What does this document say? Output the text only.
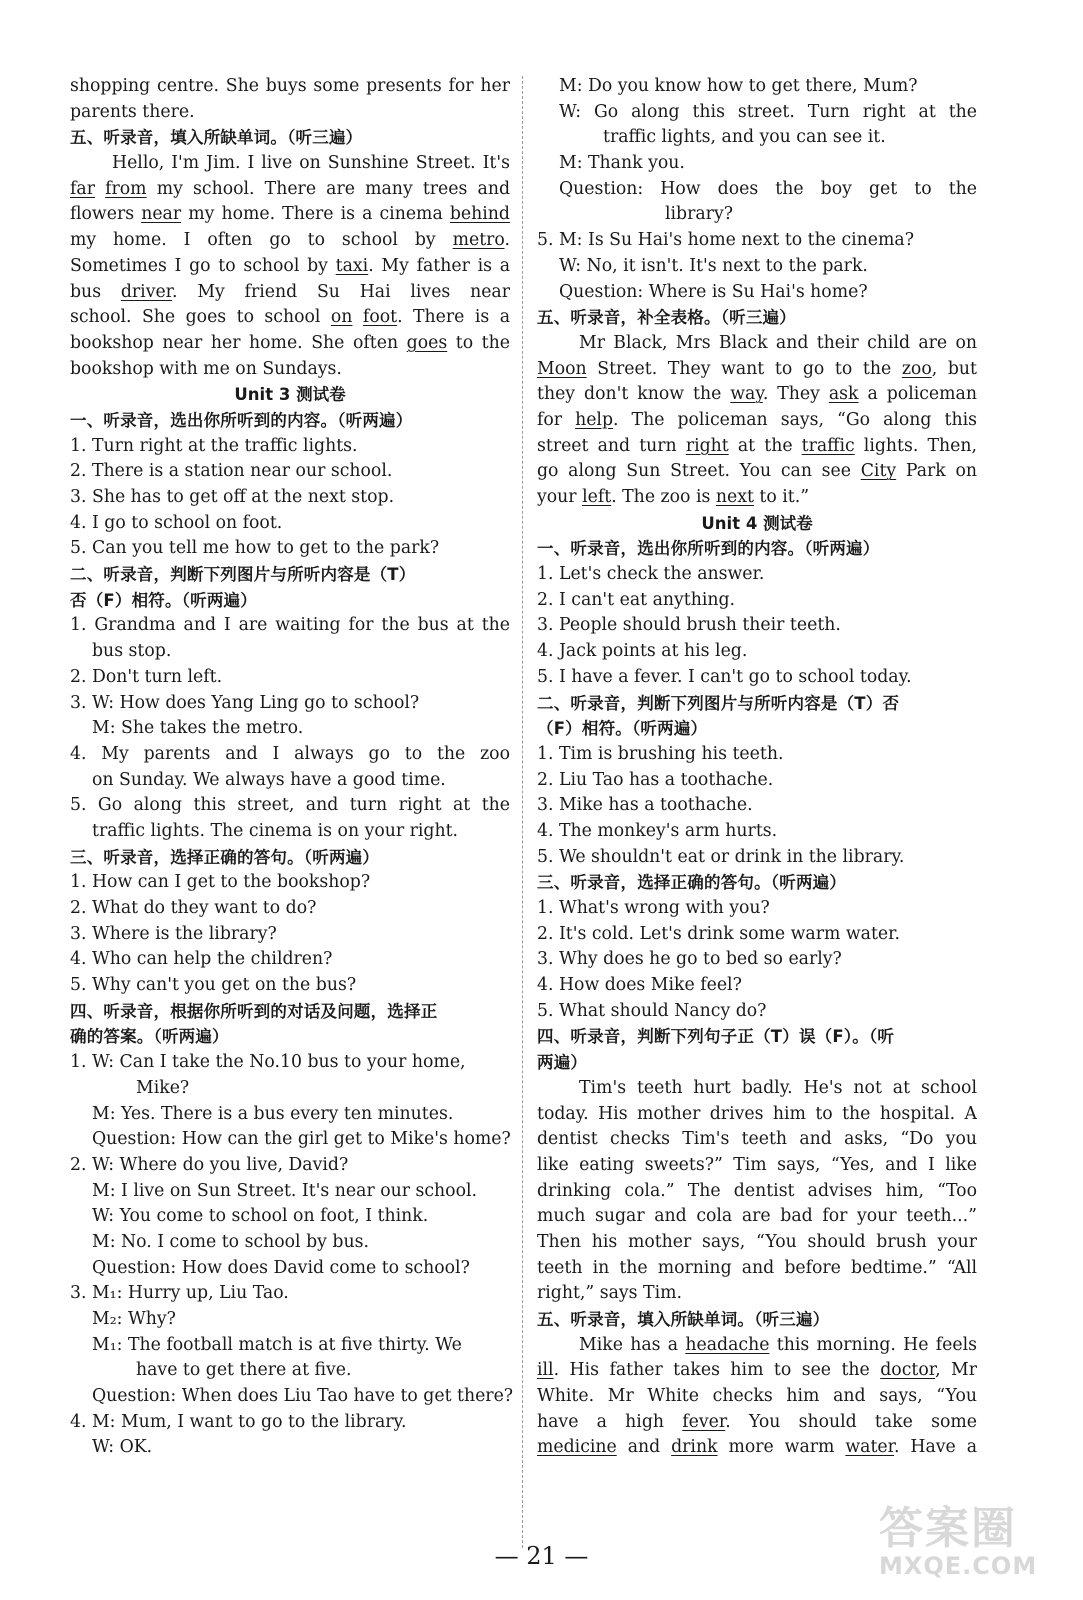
shopping centre. She buys some presents for her
parents there.
五、听录音，填入所缺单词。（听三遍）
Hello, I'm Jim. I live on Sunshine Street. It's
far from my school. There are many trees and
flowers near my home. There is a cinema behind
my home. I often go to school by metro.
Sometimes I go to school by taxi. My father is a
bus driver. My friend Su Hai lives near
school. She goes to school on foot. There is a
bookshop near her home. She often goes to the
bookshop with me on Sundays.
Unit 3 测试卷
一、听录音，选出你所听到的内容。（听两遍）
1. Turn right at the traffic lights.
2. There is a station near our school.
3. She has to get off at the next stop.
4. I go to school on foot.
5. Can you tell me how to get to the park?
二、听录音，判断下列图片与所听内容是（T）
否（F）相符。（听两遍）
1. Grandma and I are waiting for the bus at the
bus stop.
2. Don't turn left.
3. W: How does Yang Ling go to school?
M: She takes the metro.
4. My parents and I always go to the zoo
on Sunday. We always have a good time.
5. Go along this street, and turn right at the
traffic lights. The cinema is on your right.
三、听录音，选择正确的答句。（听两遍）
1. How can I get to the bookshop?
2. What do they want to do?
3. Where is the library?
4. Who can help the children?
5. Why can't you get on the bus?
四、听录音，根据你所听到的对话及问题，选择正
确的答案。（听两遍）
1. W: Can I take the No.10 bus to your home,
Mike?
M: Yes. There is a bus every ten minutes.
Question: How can the girl get to Mike's home?
2. W: Where do you live, David?
M: I live on Sun Street. It's near our school.
W: You come to school on foot, I think.
M: No. I come to school by bus.
Question: How does David come to school?
3. M₁: Hurry up, Liu Tao.
M₂: Why?
M₁: The football match is at five thirty. We
have to get there at five.
Question: When does Liu Tao have to get there?
4. M: Mum, I want to go to the library.
W: OK.
M: Do you know how to get there, Mum?
W: Go along this street. Turn right at the
traffic lights, and you can see it.
M: Thank you.
Question: How does the boy get to the
library?
5. M: Is Su Hai's home next to the cinema?
W: No, it isn't. It's next to the park.
Question: Where is Su Hai's home?
五、听录音，补全表格。（听三遍）
Mr Black, Mrs Black and their child are on
Moon Street. They want to go to the zoo, but
they don't know the way. They ask a policeman
for help. The policeman says, “Go along this
street and turn right at the traffic lights. Then,
go along Sun Street. You can see City Park on
your left. The zoo is next to it.”
Unit 4 测试卷
一、听录音，选出你所听到的内容。（听两遍）
1. Let's check the answer.
2. I can't eat anything.
3. People should brush their teeth.
4. Jack points at his leg.
5. I have a fever. I can't go to school today.
二、听录音，判断下列图片与所听内容是（T）否
（F）相符。（听两遍）
1. Tim is brushing his teeth.
2. Liu Tao has a toothache.
3. Mike has a toothache.
4. The monkey's arm hurts.
5. We shouldn't eat or drink in the library.
三、听录音，选择正确的答句。（听两遍）
1. What's wrong with you?
2. It's cold. Let's drink some warm water.
3. Why does he go to bed so early?
4. How does Mike feel?
5. What should Nancy do?
四、听录音，判断下列句子正（T）误（F）。（听
两遍）
Tim's teeth hurt badly. He's not at school
today. His mother drives him to the hospital. A
dentist checks Tim's teeth and asks, “Do you
like eating sweets?” Tim says, “Yes, and I like
drinking cola.” The dentist advises him, “Too
much sugar and cola are bad for your teeth...”
Then his mother says, “You should brush your
teeth in the morning and before bedtime.” “All
right,” says Tim.
五、听录音，填入所缺单词。（听三遍）
Mike has a headache this morning. He feels
ill. His father takes him to see the doctor, Mr
White. Mr White checks him and says, “You
have a high fever. You should take some
medicine and drink more warm water. Have a
— 21 —
答案圈
MXQE.COM
